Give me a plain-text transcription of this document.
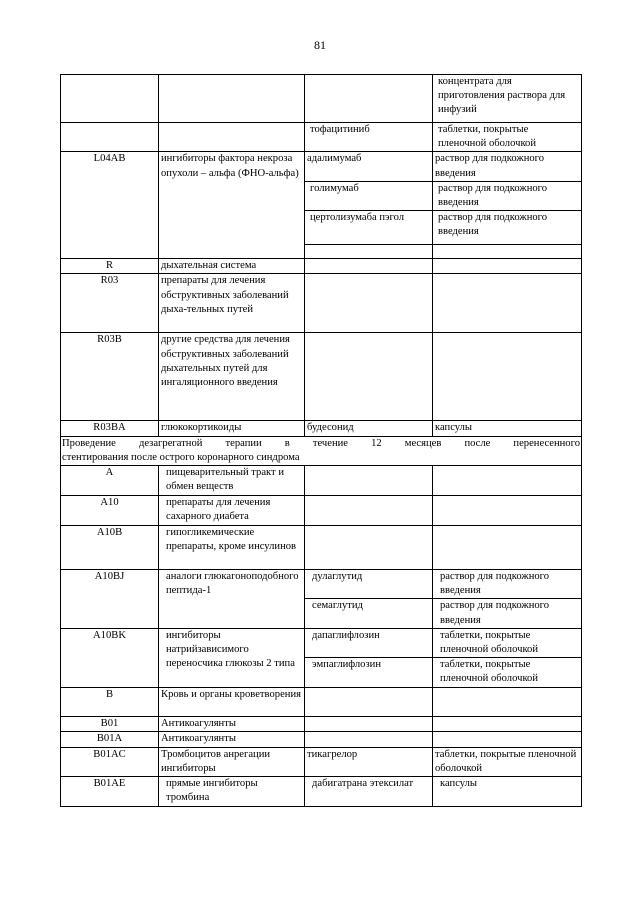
81
			концентрата для приготовления раствора для инфузий
		тофацитиниб	таблетки, покрытые пленочной оболочкой
L04AB	ингибиторы фактора некроза опухоли – альфа (ФНО-альфа)	адалимумаб	раствор для подкожного введения
		голимумаб	раствор для подкожного введения
		цертолизумаба пэгол	раствор для подкожного введения

R	дыхательная система		
R03	препараты для лечения обструктивных заболеваний дыха-тельных путей		
R03B	другие средства для лечения обструктивных заболеваний дыхательных путей для ингаляционного введения		
R03BA	глюкокортикоиды	будесонид	капсулы

Проведение дезагрегатной терапии в течение 12 месяцев после перенесенного
стентирования после острого коронарного синдрома			

A	пищеварительный тракт и обмен веществ		
A10	препараты для лечения сахарного диабета		
A10B	гипогликемические препараты, кроме инсулинов		
A10BJ	аналоги глюкагоноподобного пептида-1	дулаглутид	раствор для подкожного введения
		семаглутид	раствор для подкожного введения
A10BK	ингибиторы натрийзависимого переносчика глюкозы 2 типа	дапаглифлозин	таблетки, покрытые пленочной оболочкой
		эмпаглифлозин	таблетки, покрытые пленочной оболочкой
B	Кровь и органы кроветворения		
B01	Антикоагулянты		
B01A	Антикоагулянты		
B01AC	Тромбоцитов анрегации ингибиторы	тикагрелор	таблетки, покрытые пленочной оболочкой
B01AE	прямые ингибиторы тромбина	дабигатрана этексилат	капсулы
